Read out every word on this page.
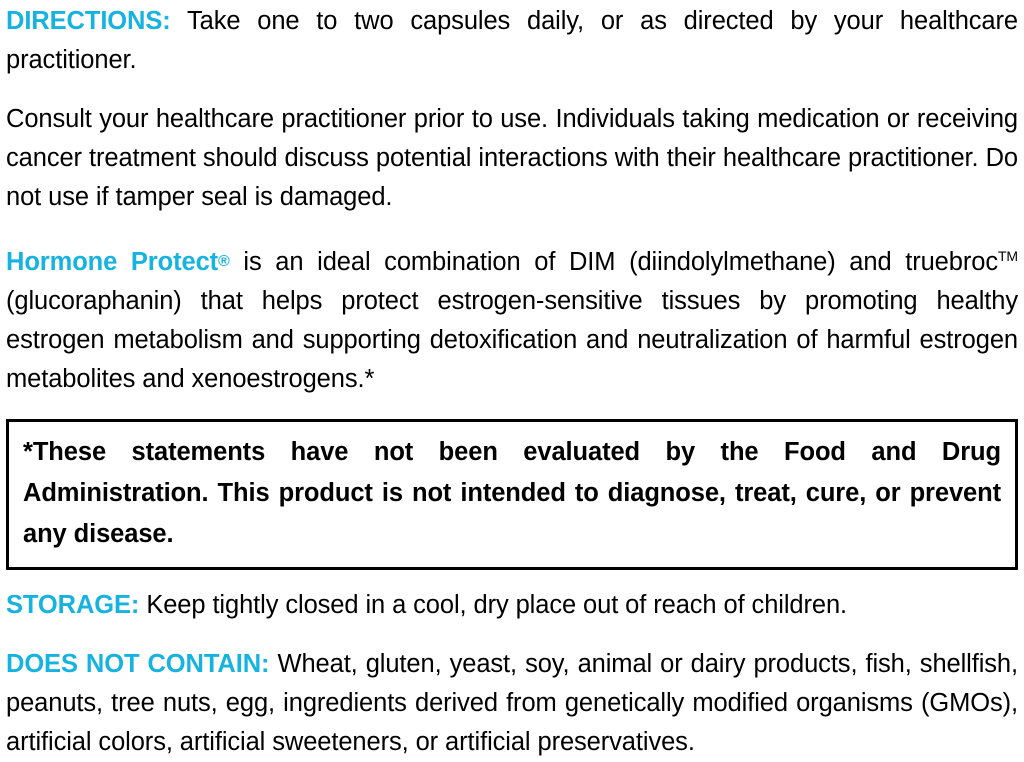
DIRECTIONS: Take one to two capsules daily, or as directed by your healthcare practitioner.

Consult your healthcare practitioner prior to use. Individuals taking medication or receiving cancer treatment should discuss potential interactions with their healthcare practitioner. Do not use if tamper seal is damaged.

Hormone Protect® is an ideal combination of DIM (diindolylmethane) and truebroc™ (glucoraphanin) that helps protect estrogen-sensitive tissues by promoting healthy estrogen metabolism and supporting detoxification and neutralization of harmful estrogen metabolites and xenoestrogens.*

*These statements have not been evaluated by the Food and Drug Administration. This product is not intended to diagnose, treat, cure, or prevent any disease.

STORAGE: Keep tightly closed in a cool, dry place out of reach of children.

DOES NOT CONTAIN: Wheat, gluten, yeast, soy, animal or dairy products, fish, shellfish, peanuts, tree nuts, egg, ingredients derived from genetically modified organisms (GMOs), artificial colors, artificial sweeteners, or artificial preservatives.
